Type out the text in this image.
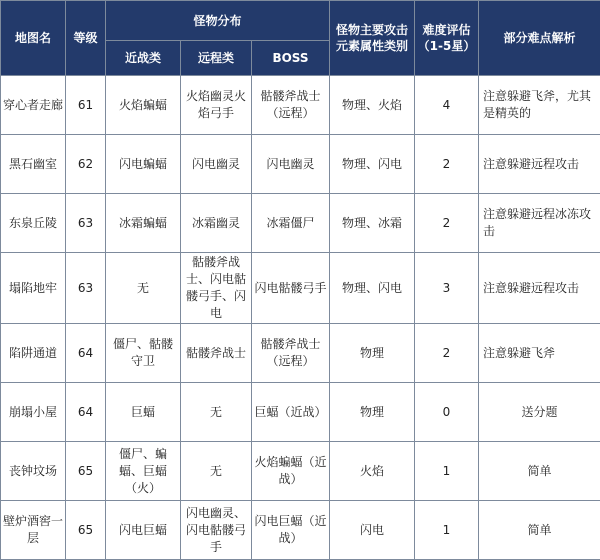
地图名	等级	怪物分布			怪物主要攻击元素属性类别	难度评估（1-5星）	部分难点解析
		近战类	远程类	BOSS			
穿心者走廊	61	火焰蝙蝠	火焰幽灵火焰弓手	骷髅斧战士（远程）	物理、火焰	4	注意躲避飞斧，尤其是精英的
黑石幽室	62	闪电蝙蝠	闪电幽灵	闪电幽灵	物理、闪电	2	注意躲避远程攻击
东泉丘陵	63	冰霜蝙蝠	冰霜幽灵	冰霜僵尸	物理、冰霜	2	注意躲避远程冰冻攻击
塌陷地牢	63	无	骷髅斧战士、闪电骷髅弓手、闪电	闪电骷髅弓手	物理、闪电	3	注意躲避远程攻击
陷阱通道	64	僵尸、骷髅守卫	骷髅斧战士	骷髅斧战士（远程）	物理	2	注意躲避飞斧
崩塌小屋	64	巨蝠	无	巨蝠（近战）	物理	0	送分题
丧钟坟场	65	僵尸、蝙蝠、巨蝠（火）	无	火焰蝙蝠（近战）	火焰	1	简单
壁炉酒窖一层	65	闪电巨蝠	闪电幽灵、闪电骷髅弓手	闪电巨蝠（近战）	闪电	1	简单
